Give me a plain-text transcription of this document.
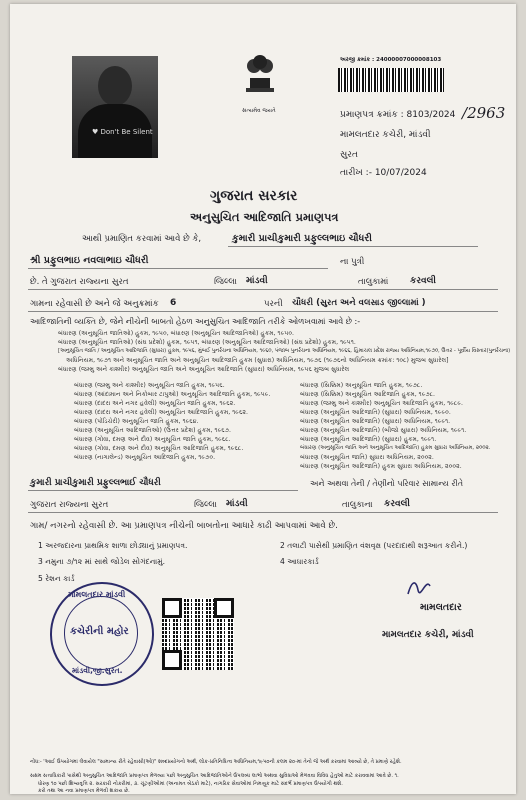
♥ Don't Be Silent
સત્યમેવ જયતે
અરજી ક્રમાંક : 24000007000008103
પ્રમાણપત્ર ક્રમાંક : 8103/2024 /2963
મામલતદાર કચેરી, માંડવી
સુરત
તારીખ :- 10/07/2024
ગુજરાત સરકાર
અનુસુચિત આદિજાતિ પ્રમાણપત્ર
આથી પ્રમાણિત કરવામાં આવે છે કે,	કુમારી પ્રાચીકુમારી પ્રફુલ્લભાઇ ચૌધરી
શ્રી પ્રફુલભાઇ નવલાભાઇ ચૌધરી	ના પુત્રી
છે. તે ગુજરાત રાજ્યના સુરત	જિલ્લા માંડવી	તાલુકામાં કરવલી
ગામના રહેવાસી છે અને જે અનુક્રમાંક 6	પરની ચૌધરી (સુરત અને વલસાડ જીલ્લામાં )
આદિજાતિની વ્યક્તિ છે, જેને નીચેની બાબતો હેઠળ અનુસુચિત આદિજાતિ તરીકે ઓળખવામાં આવે છે :-
બંધારણ (અનુસૂચિત જાતિઓ) હુકમ, ૧૯૫૦, બંધારણ (અનુસૂચિત આદિજાતિઓ) હુકમ, ૧૯૫૦.
બંધારણ (અનુસૂચિત જાતિઓ) (સંઘ પ્રદેશો) હુકમ, ૧૯૫૧, બંધારણ (અનુસૂચિત આદિજાતિઓ) (સંઘ પ્રદેશો) હુકમ, ૧૯૫૧.
[અનુસૂચિત જાતિ / અનુસૂચિત આદિજાતિ (સુધારા) હુકમ, ૧૯૫૬, મુંબઈ પુનર્રચના અધિનિયમ, ૧૯૬૦, પંજાબ પુનર્રચના અધિનિયમ, ૧૯૬૬, હિમાચલ પ્રદેશ રાજ્ય અધિનિયમ,૧૯૭૦, ઉત્તર - પૂર્વીય વિસ્તાર(પુનર્રચના)
અધિનિયમ, ૧૯૭૧ અને અનુસૂચિત જાતિ અને અનુસૂચિત આદિજાતિ હુકમ (સુધારા) અધિનિયમ, ૧૯૭૬ (૧૯૭૬નો અધિનિયમ ક્રમાંક: ૧૦૮) મુજબ સુધારેલ]
બંધારણ (જમ્મુ અને કાશ્મીર) અનુસૂચિત જાતિ અને અનુસૂચિત આદિજાતિ (સુધારા) અધિનિયમ, ૧૯૫૬ મુજબ સુધારેલ
બંધારણ (જમ્મુ અને કાશ્મીર) અનુસૂચિત જાતિ હુકમ, ૧૯૫૬.
બંધારણ (આંદામાન અને નિકોબાર ટાપુઓ) અનુસૂચિત આદિજાતિ હુકમ, ૧૯૫૯.
બંધારણ (દાદરા અને નગર હવેલી) અનુસૂચિત જાતિ હુકમ, ૧૯૬૨.
બંધારણ (દાદરા અને નગર હવેલી) અનુસૂચિત આદિજાતિ હુકમ, ૧૯૬૨.
બંધારણ (પોંડિચેરી) અનુસૂચિત જાતિ હુકમ, ૧૯૬૪.
બંધારણ (અનુસૂચિત આદિજાતિઓ) (ઉત્તર પ્રદેશ) હુકમ, ૧૯૬૭.
બંધારણ (ગોવા, દમણ અને દીવ) અનુસૂચિત જાતિ હુકમ, ૧૯૬૮.
બંધારણ (ગોવા, દમણ અને દીવ) અનુસૂચિત આદિજાતિ હુકમ, ૧૯૬૮.
બંધારણ (નાગાલેન્ડ) અનુસૂચિત આદિજાતિ હુકમ, ૧૯૭૦.
બંધારણ (સિક્કિમ) અનુસૂચિત જાતિ હુકમ, ૧૯૭૮.
બંધારણ (સિક્કિમ) અનુસૂચિત આદિજાતિ હુકમ, ૧૯૭૮.
બંધારણ (જમ્મુ અને કાશ્મીર) અનુસૂચિત આદિજાતિ હુકમ, ૧૯૮૯.
બંધારણ (અનુસૂચિત આદિજાતિ) (સુધારા) અધિનિયમ, ૧૯૯૦.
બંધારણ (અનુસૂચિત આદિજાતિ) (સુધારા) અધિનિયમ, ૧૯૯૧.
બંધારણ (અનુસૂચિત આદિજાતિ) (બીજો સુધારા) અધિનિયમ, ૧૯૯૧.
બંધારણ (અનુસૂચિત આદિજાતિ) (સુધારા) હુકમ, ૧૯૯૧.
બંધારણ (અનુસૂચિત જાતિ અને અનુસૂચિત આદિજાતિ) હુકમ સુધારા અધિનિયમ, ૨૦૦૨.
બંધારણ (અનુસૂચિત જાતિ) સુધારા અધિનિયમ, ૨૦૦૨.
બંધારણ (અનુસૂચિત આદિજાતિ) હુકમ સુધારા અધિનિયમ, ૨૦૦૨.
કુમારી પ્રાચીકુમારી પ્રફુલ્લભાઈ ચૌધરી	અને અથવા તેની / તેણીનો પરિવાર સામાન્ય રીતે
ગુજરાત રાજ્યના સુરત	જિલ્લા માંડવી	તાલુકાના કરવલી
ગામ/ નગરનો રહેવાસી છે. આ પ્રમાણપત્ર નીચેની બાબતોના આધારે કાઢી આપવામાં આવે છે.
1 અરજદારના પ્રાથમિક શાળા છોડ્યાનું પ્રમાણપત્ર.	2 તલાટી પાસેથી પ્રમાણિત વંશવૃક્ષ (પરદાદાથી શરૂઆત કરીને.)
3 નમુના ૭/૧૨ માં સાથે જોડેલ સોગંદનામું.	4 આધારકાર્ડ
5 રેશન કાર્ડ
મામલતદાર માંડવી
કચેરીની મહોર
માંડવી,જી.સુરત.
મામલતદાર
મામલતદાર કચેરી, માંડવી
નોંધ:- 'આઈ ઉપયોગમાં લેવાયેલ "સામાન્ય રીતે રહેવાસી(ઓ)" શબ્દપ્રયોગનો અર્થ, લોક-પ્રતિનિધિત્વ અધિનિયમ,૧૯૫૦ની કલમ ૨૦-માં તેનો જે અર્થ કરવામાં આવ્યો છે, તે પ્રમાણે રહેશે.
સક્ષમ સત્તાધિકારી પાસેથી અનુસુચિત આદિજાતિ પ્રમાણપત્ર મેળવ્યા પછી અનુસુચિત આદિજાતિઓને ઉપલબ્ધ લાભો અથવા સુવિધાઓ મેળવવા વિવિધ હેતુઓ માટે કરાવવામાં આવે છે. ૧.
ધોરણ ૧૦ પછી શિષ્યવૃત્તિ ૨. સરકારી નોકરીમાં, ૩. ચૂંટણીઓમાં (અનામત બેઠકો માટે), નાગરિક સેવાઓમાં નિમણૂક માટે સંદર્ભે પ્રમાણપત્ર ઉપયોગી થશે.
કરો તથા આ નવા પ્રમાણપત્ર મેળવી શકાય છે.
